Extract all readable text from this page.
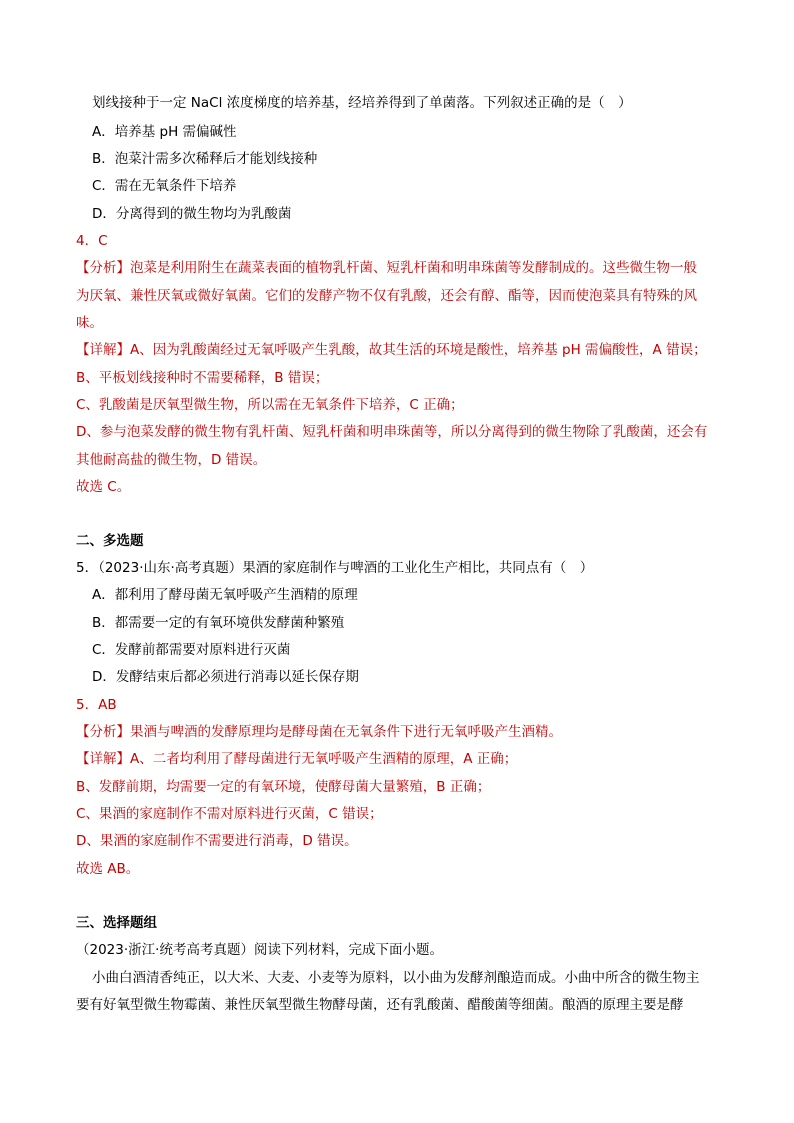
划线接种于一定 NaCl 浓度梯度的培养基，经培养得到了单菌落。下列叙述正确的是（　）
A．培养基 pH 需偏碱性
B．泡菜汁需多次稀释后才能划线接种
C．需在无氧条件下培养
D．分离得到的微生物均为乳酸菌
4．C
【分析】泡菜是利用附生在蔬菜表面的植物乳杆菌、短乳杆菌和明串珠菌等发酵制成的。这些微生物一般
为厌氧、兼性厌氧或微好氧菌。它们的发酵产物不仅有乳酸，还会有醇、酯等，因而使泡菜具有特殊的风
味。
【详解】A、因为乳酸菌经过无氧呼吸产生乳酸，故其生活的环境是酸性，培养基 pH 需偏酸性，A 错误；
B、平板划线接种时不需要稀释，B 错误；
C、乳酸菌是厌氧型微生物，所以需在无氧条件下培养，C 正确；
D、参与泡菜发酵的微生物有乳杆菌、短乳杆菌和明串珠菌等，所以分离得到的微生物除了乳酸菌，还会有
其他耐高盐的微生物，D 错误。
故选 C。
二、多选题
5．（2023·山东·高考真题）果酒的家庭制作与啤酒的工业化生产相比，共同点有（　）
A．都利用了酵母菌无氧呼吸产生酒精的原理
B．都需要一定的有氧环境供发酵菌种繁殖
C．发酵前都需要对原料进行灭菌
D．发酵结束后都必须进行消毒以延长保存期
5．AB
【分析】果酒与啤酒的发酵原理均是酵母菌在无氧条件下进行无氧呼吸产生酒精。
【详解】A、二者均利用了酵母菌进行无氧呼吸产生酒精的原理，A 正确；
B、发酵前期，均需要一定的有氧环境，使酵母菌大量繁殖，B 正确；
C、果酒的家庭制作不需对原料进行灭菌，C 错误；
D、果酒的家庭制作不需要进行消毒，D 错误。
故选 AB。
三、选择题组
（2023·浙江·统考高考真题）阅读下列材料，完成下面小题。
小曲白酒清香纯正，以大米、大麦、小麦等为原料，以小曲为发酵剂酿造而成。小曲中所含的微生物主
要有好氧型微生物霉菌、兼性厌氧型微生物酵母菌，还有乳酸菌、醋酸菌等细菌。酿酒的原理主要是酵
